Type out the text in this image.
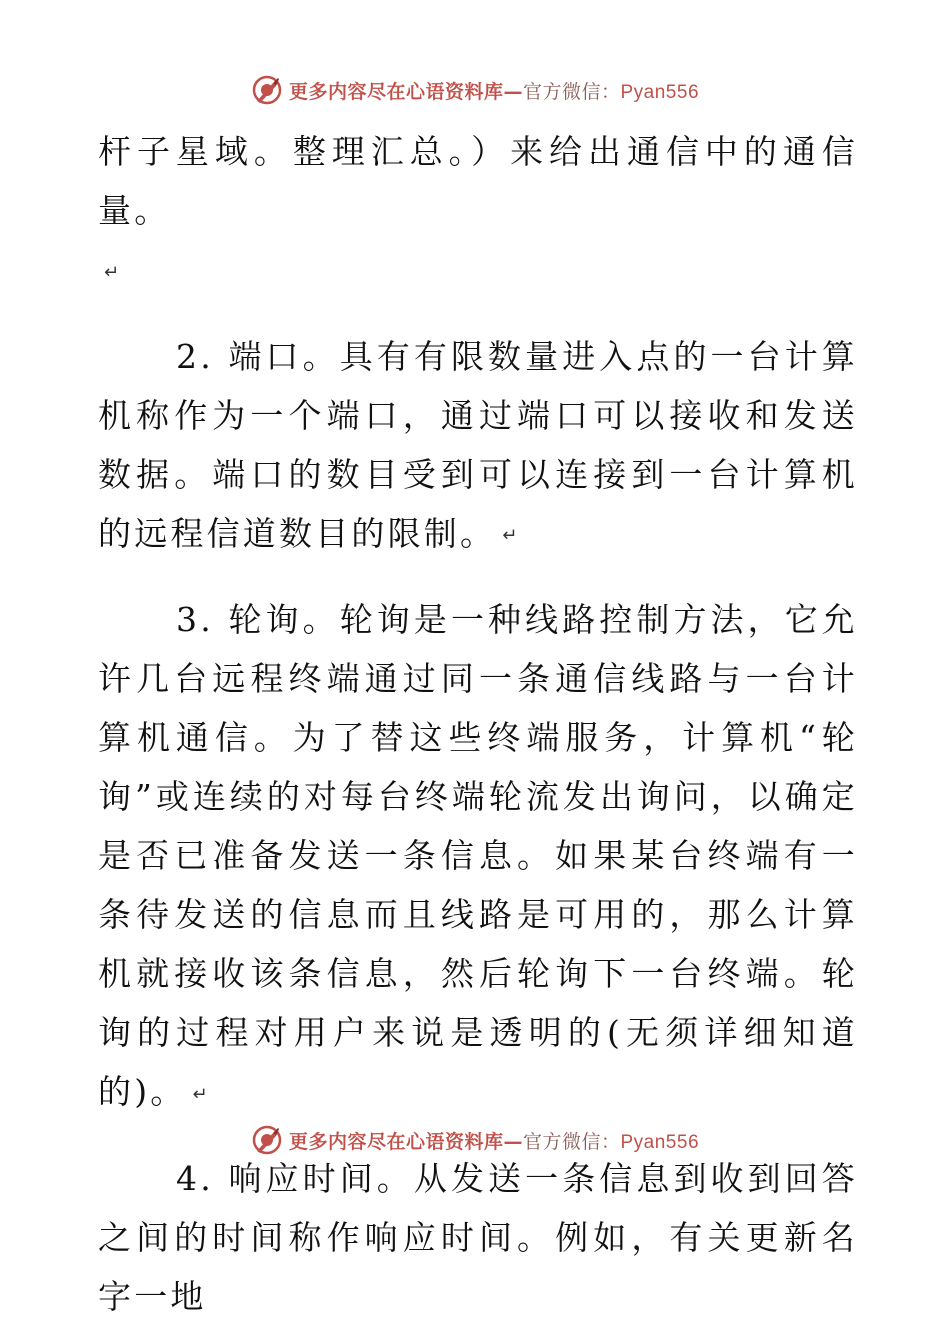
更多内容尽在心语资料库—官方微信：Pyan556

杆子星域。整理汇总。）来给出通信中的通信量。

↵

2. 端口。具有有限数量进入点的一台计算机称作为一个端口，通过端口可以接收和发送数据。端口的数目受到可以连接到一台计算机的远程信道数目的限制。 ↵

3. 轮询。轮询是一种线路控制方法，它允许几台远程终端通过同一条通信线路与一台计算机通信。为了替这些终端服务，计算机“轮询”或连续的对每台终端轮流发出询问，以确定是否已准备发送一条信息。如果某台终端有一条待发送的信息而且线路是可用的，那么计算机就接收该条信息，然后轮询下一台终端。轮询的过程对用户来说是透明的(无须详细知道的)。 ↵

4. 响应时间。从发送一条信息到收到回答之间的时间称作响应时间。例如，有关更新名字一地

更多内容尽在心语资料库—官方微信：Pyan556
